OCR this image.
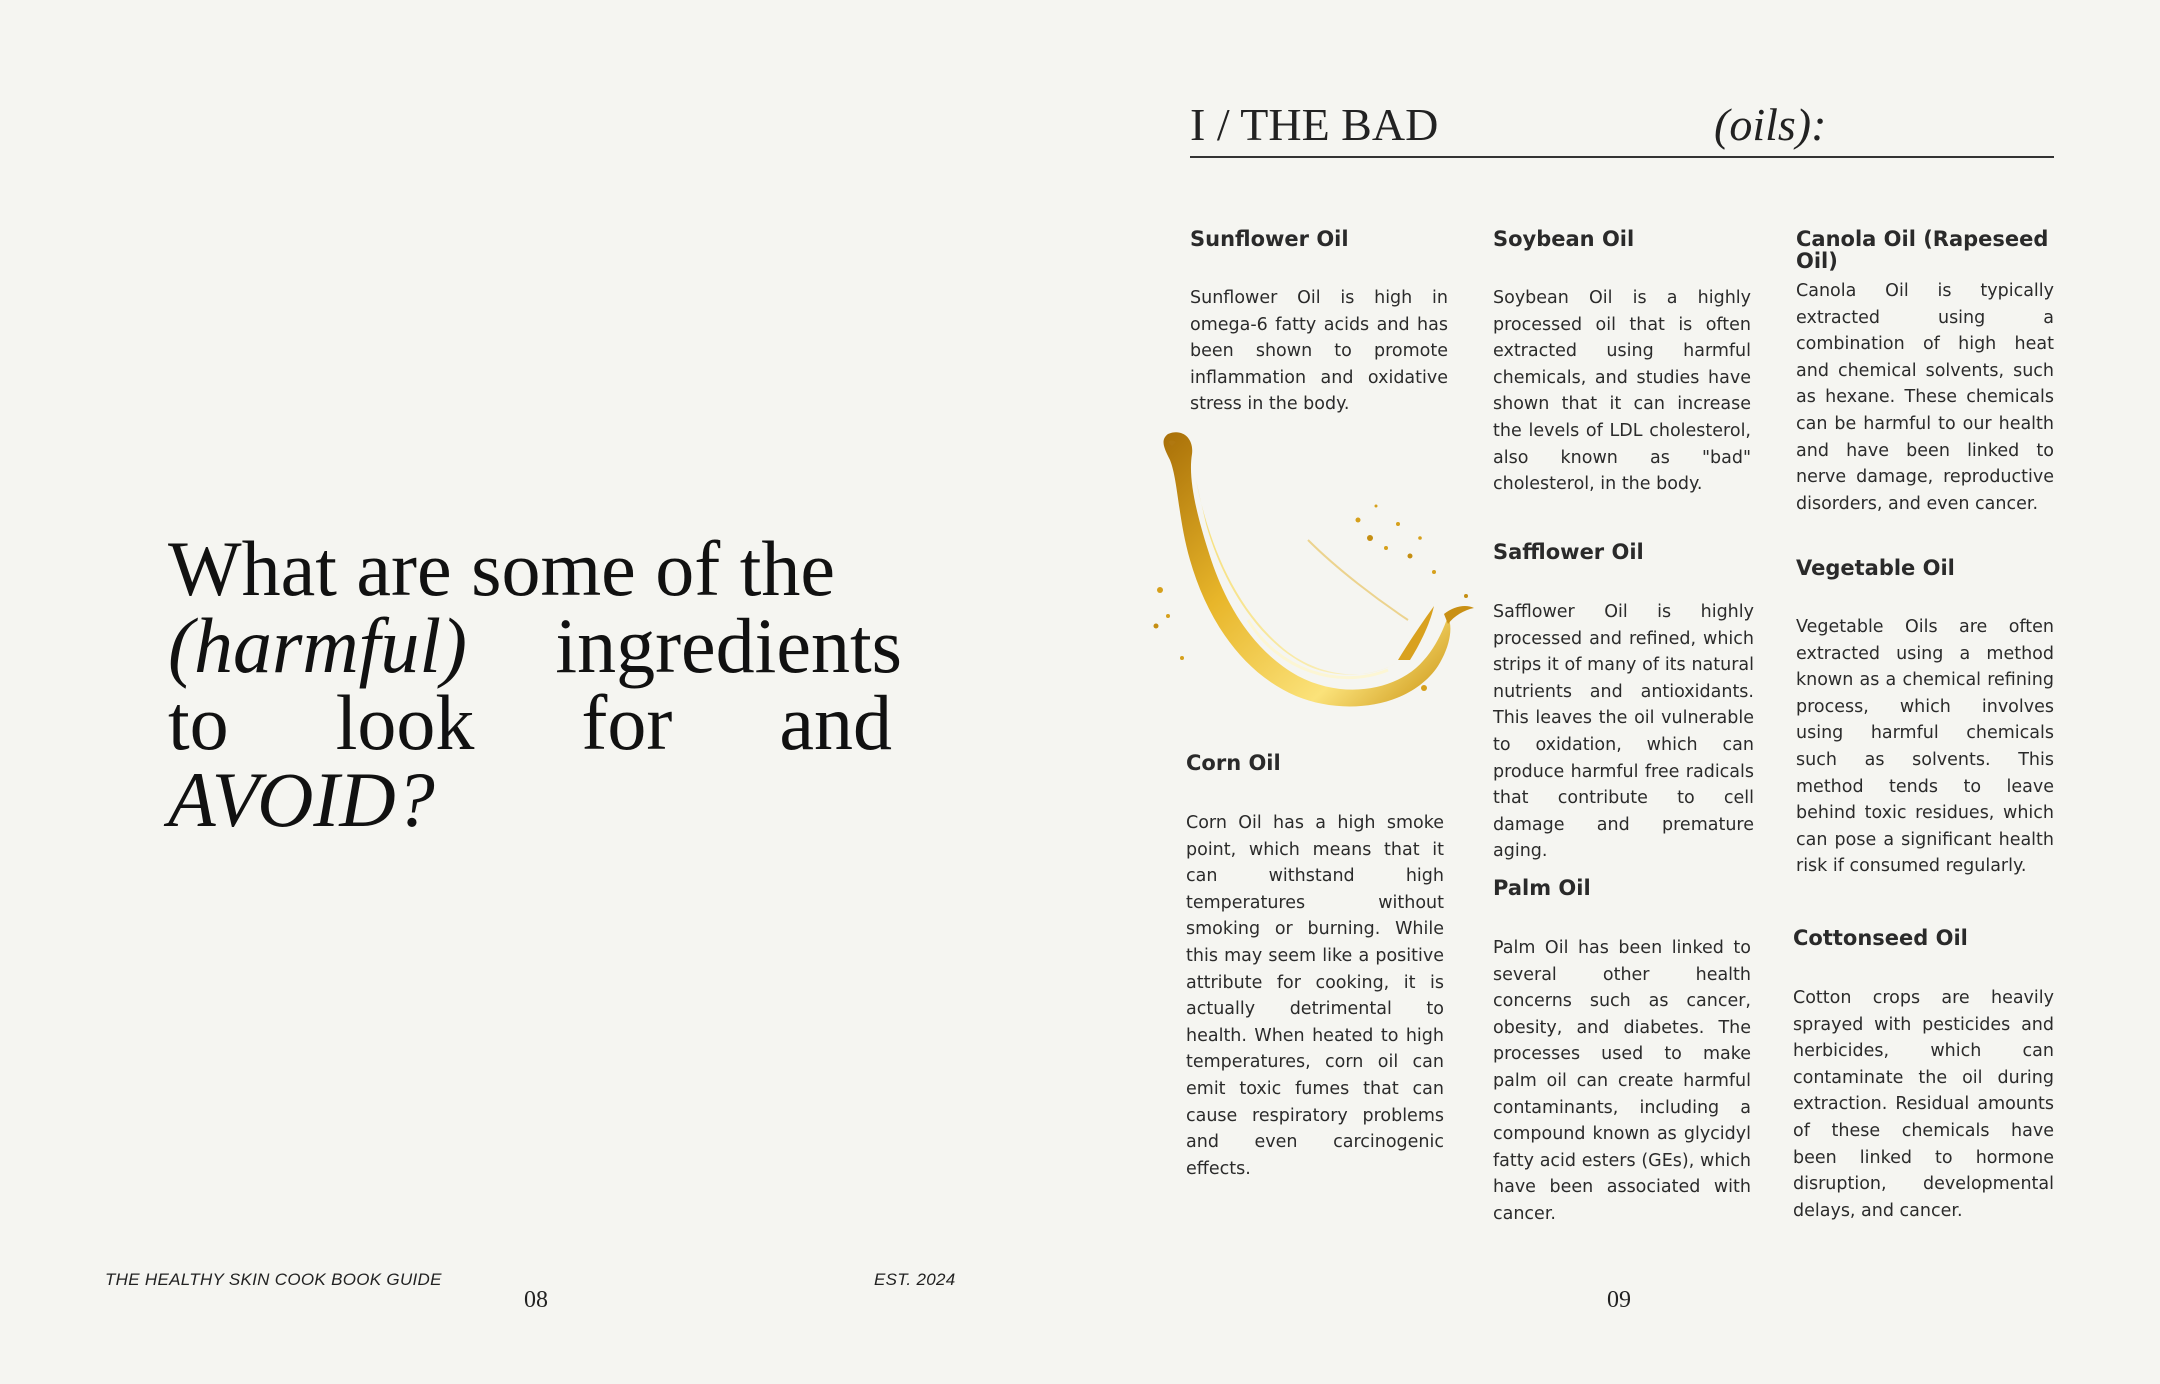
What are some of the
(harmful) ingredients
to look for and
AVOID?
THE HEALTHY SKIN COOK BOOK GUIDE	EST. 2024
08
I / THE BAD	(oils):
Sunflower Oil

Sunflower Oil is high in omega-6 fatty acids and has been shown to promote inflammation and oxidative stress in the body.

Corn Oil

Corn Oil has a high smoke point, which means that it can withstand high temperatures without smoking or burning. While this may seem like a positive attribute for cooking, it is actually detrimental to health. When heated to high temperatures, corn oil can emit toxic fumes that can cause respiratory problems and even carcinogenic effects.

Soybean Oil

Soybean Oil is a highly processed oil that is often extracted using harmful chemicals, and studies have shown that it can increase the levels of LDL cholesterol, also known as "bad" cholesterol, in the body.

Safflower Oil

Safflower Oil is highly processed and refined, which strips it of many of its natural nutrients and antioxidants. This leaves the oil vulnerable to oxidation, which can produce harmful free radicals that contribute to cell damage and premature aging.

Palm Oil

Palm Oil has been linked to several other health concerns such as cancer, obesity, and diabetes. The processes used to make palm oil can create harmful contaminants, including a compound known as glycidyl fatty acid esters (GEs), which have been associated with cancer.

Canola Oil (Rapeseed Oil)

Canola Oil is typically extracted using a combination of high heat and chemical solvents, such as hexane. These chemicals can be harmful to our health and have been linked to nerve damage, reproductive disorders, and even cancer.

Vegetable Oil

Vegetable Oils are often extracted using a method known as a chemical refining process, which involves using harmful chemicals such as solvents. This method tends to leave behind toxic residues, which can pose a significant health risk if consumed regularly.

Cottonseed Oil

Cotton crops are heavily sprayed with pesticides and herbicides, which can contaminate the oil during extraction. Residual amounts of these chemicals have been linked to hormone disruption, developmental delays, and cancer.

09
